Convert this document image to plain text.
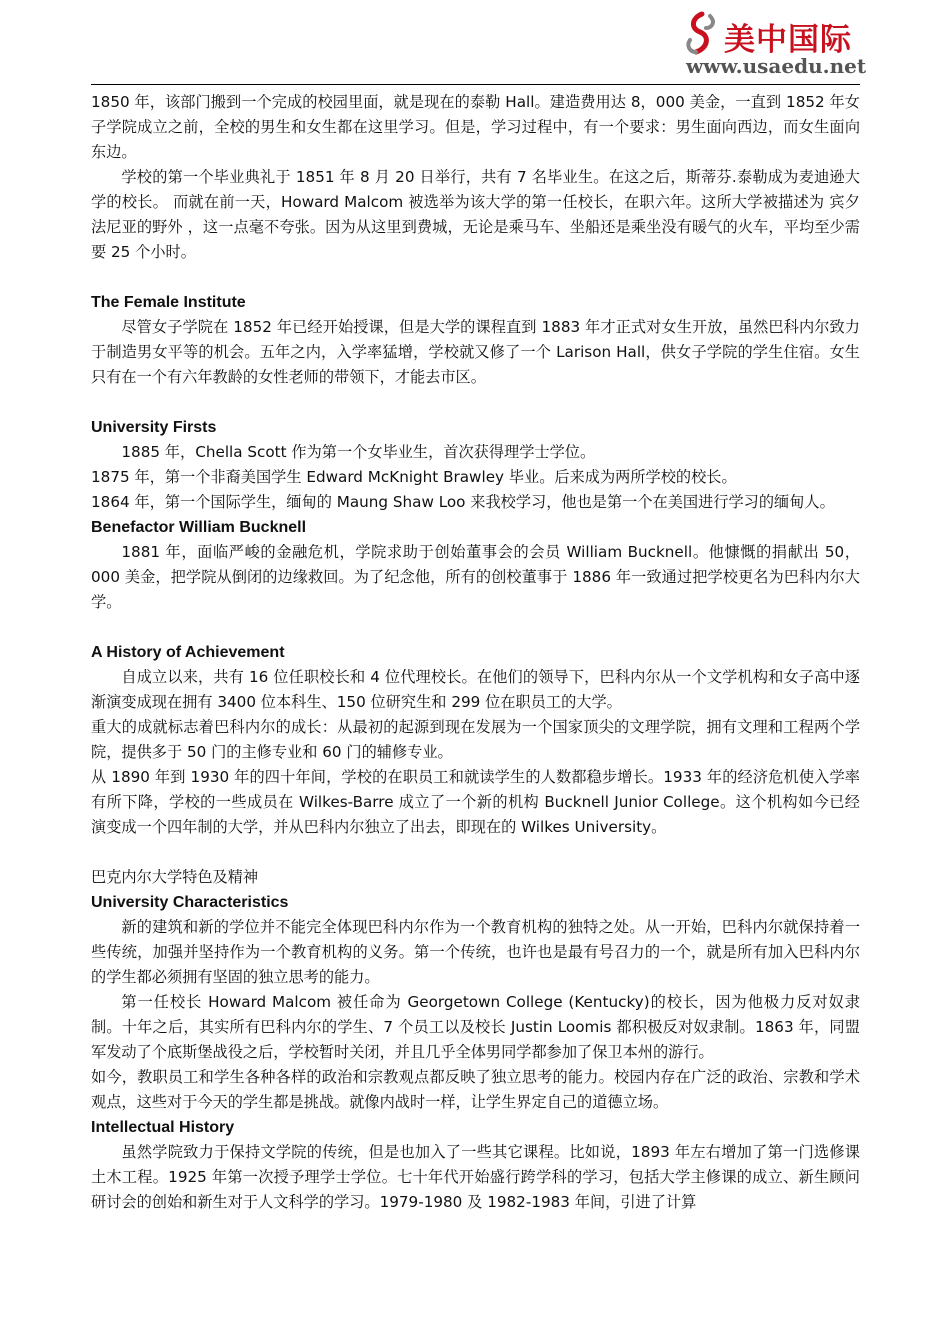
美中国际
www.usaedu.net

1850 年，该部门搬到一个完成的校园里面，就是现在的泰勒 Hall。建造费用达 8，000 美金，一直到 1852 年女子学院成立之前，全校的男生和女生都在这里学习。但是，学习过程中，有一个要求：男生面向西边，而女生面向东边。

学校的第一个毕业典礼于 1851 年 8 月 20 日举行，共有 7 名毕业生。在这之后，斯蒂芬.泰勒成为麦迪逊大学的校长。 而就在前一天，Howard Malcom 被选举为该大学的第一任校长，在职六年。这所大学被描述为 宾夕法尼亚的野外 ，这一点毫不夸张。因为从这里到费城，无论是乘马车、坐船还是乘坐没有暖气的火车，平均至少需要 25 个小时。

The Female Institute

尽管女子学院在 1852 年已经开始授课，但是大学的课程直到 1883 年才正式对女生开放，虽然巴科内尔致力于制造男女平等的机会。五年之内，入学率猛增，学校就又修了一个 Larison Hall，供女子学院的学生住宿。女生只有在一个有六年教龄的女性老师的带领下，才能去市区。

University Firsts

1885 年，Chella Scott 作为第一个女毕业生，首次获得理学士学位。

1875 年，第一个非裔美国学生 Edward McKnight Brawley 毕业。后来成为两所学校的校长。

1864 年，第一个国际学生，缅甸的 Maung Shaw Loo 来我校学习，他也是第一个在美国进行学习的缅甸人。

Benefactor William Bucknell

1881 年，面临严峻的金融危机，学院求助于创始董事会的会员 William Bucknell。他慷慨的捐献出 50，000 美金，把学院从倒闭的边缘救回。为了纪念他，所有的创校董事于 1886 年一致通过把学校更名为巴科内尔大学。

A History of Achievement

自成立以来，共有 16 位任职校长和 4 位代理校长。在他们的领导下，巴科内尔从一个文学机构和女子高中逐渐演变成现在拥有 3400 位本科生、150 位研究生和 299 位在职员工的大学。

重大的成就标志着巴科内尔的成长：从最初的起源到现在发展为一个国家顶尖的文理学院，拥有文理和工程两个学院，提供多于 50 门的主修专业和 60 门的辅修专业。

从 1890 年到 1930 年的四十年间，学校的在职员工和就读学生的人数都稳步增长。1933 年的经济危机使入学率有所下降，学校的一些成员在 Wilkes-Barre 成立了一个新的机构 Bucknell Junior College。这个机构如今已经演变成一个四年制的大学，并从巴科内尔独立了出去，即现在的 Wilkes University。

巴克内尔大学特色及精神

University Characteristics

新的建筑和新的学位并不能完全体现巴科内尔作为一个教育机构的独特之处。从一开始，巴科内尔就保持着一些传统，加强并坚持作为一个教育机构的义务。第一个传统，也许也是最有号召力的一个，就是所有加入巴科内尔的学生都必须拥有坚固的独立思考的能力。

第一任校长 Howard Malcom 被任命为 Georgetown College (Kentucky)的校长，因为他极力反对奴隶制。十年之后，其实所有巴科内尔的学生、7 个员工以及校长 Justin Loomis 都积极反对奴隶制。1863 年，同盟军发动了个底斯堡战役之后，学校暂时关闭，并且几乎全体男同学都参加了保卫本州的游行。

如今，教职员工和学生各种各样的政治和宗教观点都反映了独立思考的能力。校园内存在广泛的政治、宗教和学术观点，这些对于今天的学生都是挑战。就像内战时一样，让学生界定自己的道德立场。

Intellectual History

虽然学院致力于保持文学院的传统，但是也加入了一些其它课程。比如说，1893 年左右增加了第一门选修课土木工程。1925 年第一次授予理学士学位。七十年代开始盛行跨学科的学习，包括大学主修课的成立、新生顾问研讨会的创始和新生对于人文科学的学习。1979-1980 及 1982-1983 年间，引进了计算
